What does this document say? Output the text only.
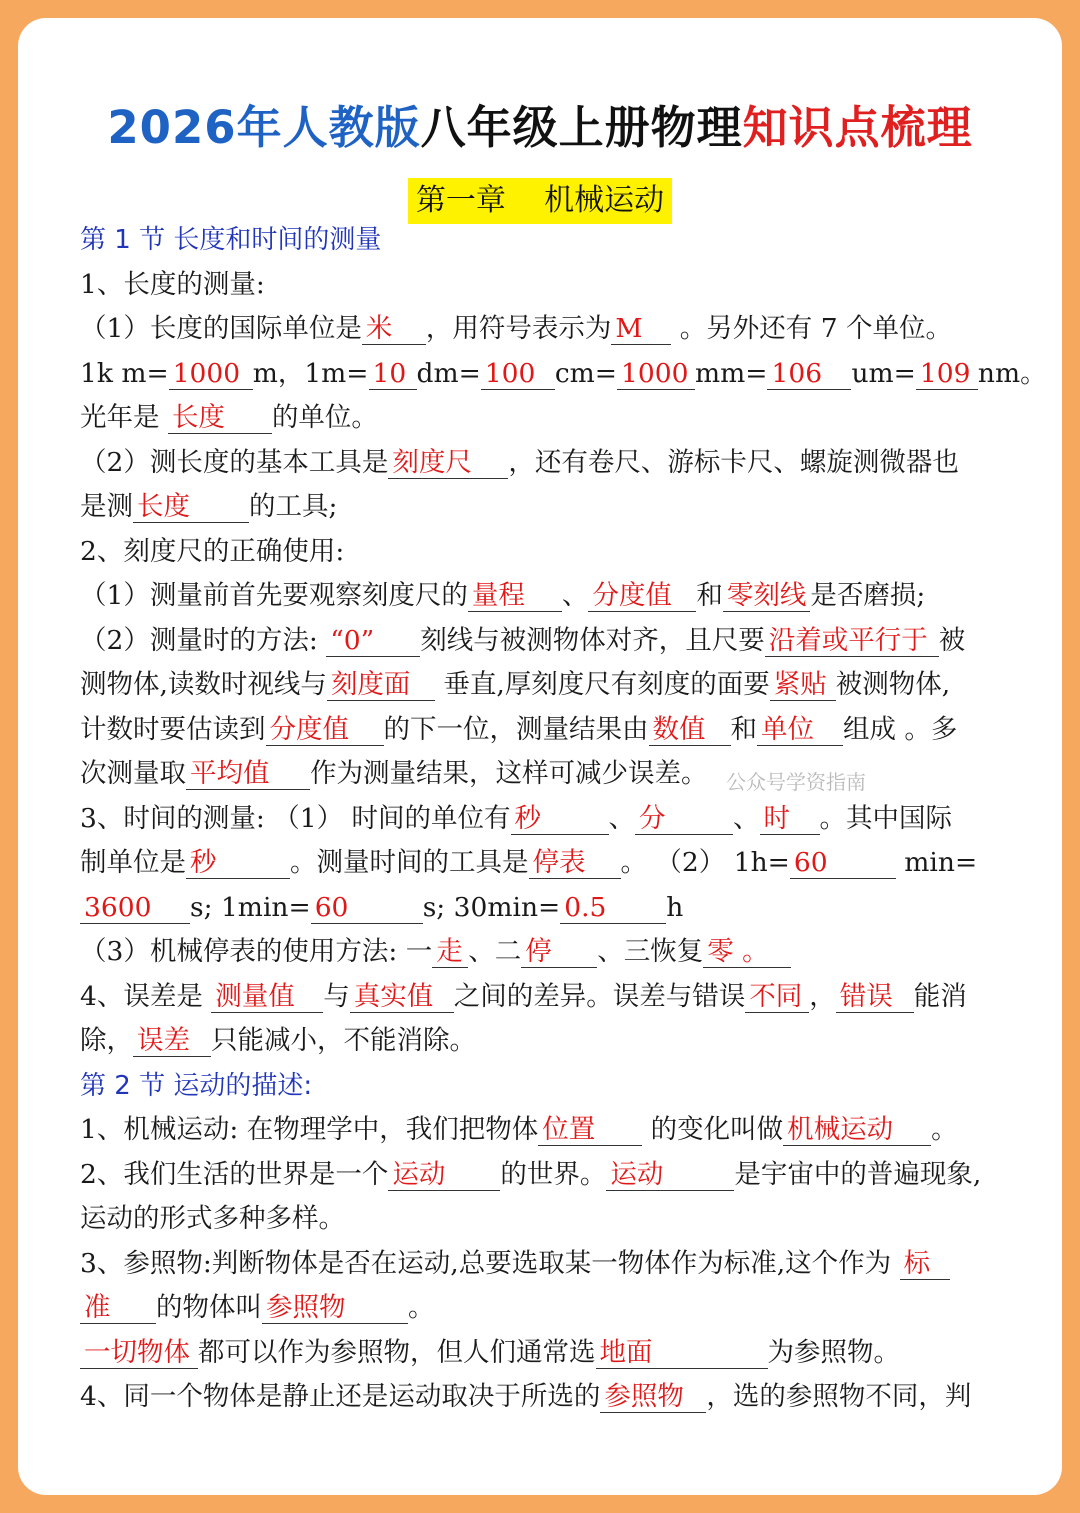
2026年人教版八年级上册物理知识点梳理
第一章    机械运动
第 1 节 长度和时间的测量
1、长度的测量:
（1）长度的国际单位是 米 ，用符号表示为 M 。另外还有 7 个单位。
1k m= 1000 m，1m= 10 dm= 100 cm= 1000 mm= 106 um= 109 nm。
光年是 长度 的单位。
（2）测长度的基本工具是 刻度尺 ，还有卷尺、游标卡尺、螺旋测微器也
是测 长度 的工具;
2、刻度尺的正确使用:
（1）测量前首先要观察刻度尺的 量程 、 分度值 和 零刻线 是否磨损;
（2）测量时的方法: “0” 刻线与被测物体对齐，且尺要 沿着或平行于 被
测物体,读数时视线与 刻度面 垂直,厚刻度尺有刻度的面要 紧贴 被测物体,
计数时要估读到 分度值 的下一位，测量结果由 数值 和 单位 组成 。多
次测量取 平均值 作为测量结果，这样可减少误差。
3、时间的测量: （1） 时间的单位有 秒	、 分	、 时 。其中国际
制单位是 秒	。测量时间的工具是 停表 。 （2） 1h= 60	min=
3600 s; 1min= 60	s; 30min= 0.5 h
（3）机械停表的使用方法: 一 走 、二 停 、三恢复 零 。
4、误差是 测量值 与 真实值 之间的差异。误差与错误 不同 ， 错误 能消
除， 误差 只能减小，不能消除。
第 2 节 运动的描述:
1、机械运动: 在物理学中，我们把物体 位置 的变化叫做 机械运动 。
2、我们生活的世界是一个 运动 的世界。 运动	是宇宙中的普遍现象,
运动的形式多种多样。
3、参照物:判断物体是否在运动,总要选取某一物体作为标准,这个作为 标
准 的物体叫 参照物 。
一切物体 都可以作为参照物，但人们通常选 地面	为参照物。
4、同一个物体是静止还是运动取决于所选的 参照物 ，选的参照物不同，判
公众号学资指南
